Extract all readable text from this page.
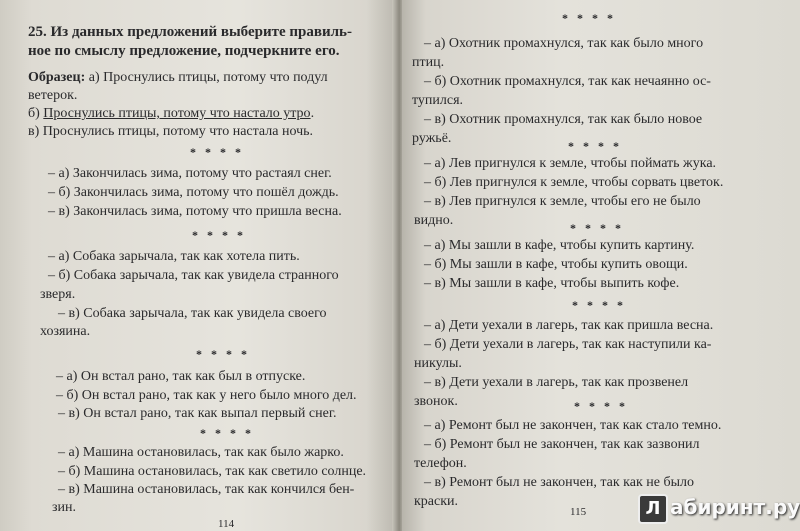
25. Из данных предложений выберите правиль-
ное по смыслу предложение, подчеркните его.
Образец: а) Проснулись птицы, потому что подул
ветерок.
б) Проснулись птицы, потому что настало утро.
в) Проснулись птицы, потому что настала ночь.
* * * *
– а) Закончилась зима, потому что растаял снег.
– б) Закончилась зима, потому что пошёл дождь.
– в) Закончилась зима, потому что пришла весна.
* * * *
– а) Собака зарычала, так как хотела пить.
– б) Собака зарычала, так как увидела странного
зверя.
– в) Собака зарычала, так как увидела своего
хозяина.
* * * *
– а) Он встал рано, так как был в отпуске.
– б) Он встал рано, так как у него было много дел.
– в) Он встал рано, так как выпал первый снег.
* * * *
– а) Машина остановилась, так как было жарко.
– б) Машина остановилась, так как светило солнце.
– в) Машина остановилась, так как кончился бен-
зин.
114
* * * *
– а) Охотник промахнулся, так как было много
птиц.
– б) Охотник промахнулся, так как нечаянно ос-
тупился.
– в) Охотник промахнулся, так как было новое
ружьё.	* * * *
– а) Лев пригнулся к земле, чтобы поймать жука.
– б) Лев пригнулся к земле, чтобы сорвать цветок.
– в) Лев пригнулся к земле, чтобы его не было
видно.	* * * *
– а) Мы зашли в кафе, чтобы купить картину.
– б) Мы зашли в кафе, чтобы купить овощи.
– в) Мы зашли в кафе, чтобы выпить кофе.
* * * *
– а) Дети уехали в лагерь, так как пришла весна.
– б) Дети уехали в лагерь, так как наступили ка-
никулы.
– в) Дети уехали в лагерь, так как прозвенел
звонок.	* * * *
– а) Ремонт был не закончен, так как стало темно.
– б) Ремонт был не закончен, так как зазвонил
телефон.
– в) Ремонт был не закончен, так как не было
краски.
115	Л абиринт.ру
